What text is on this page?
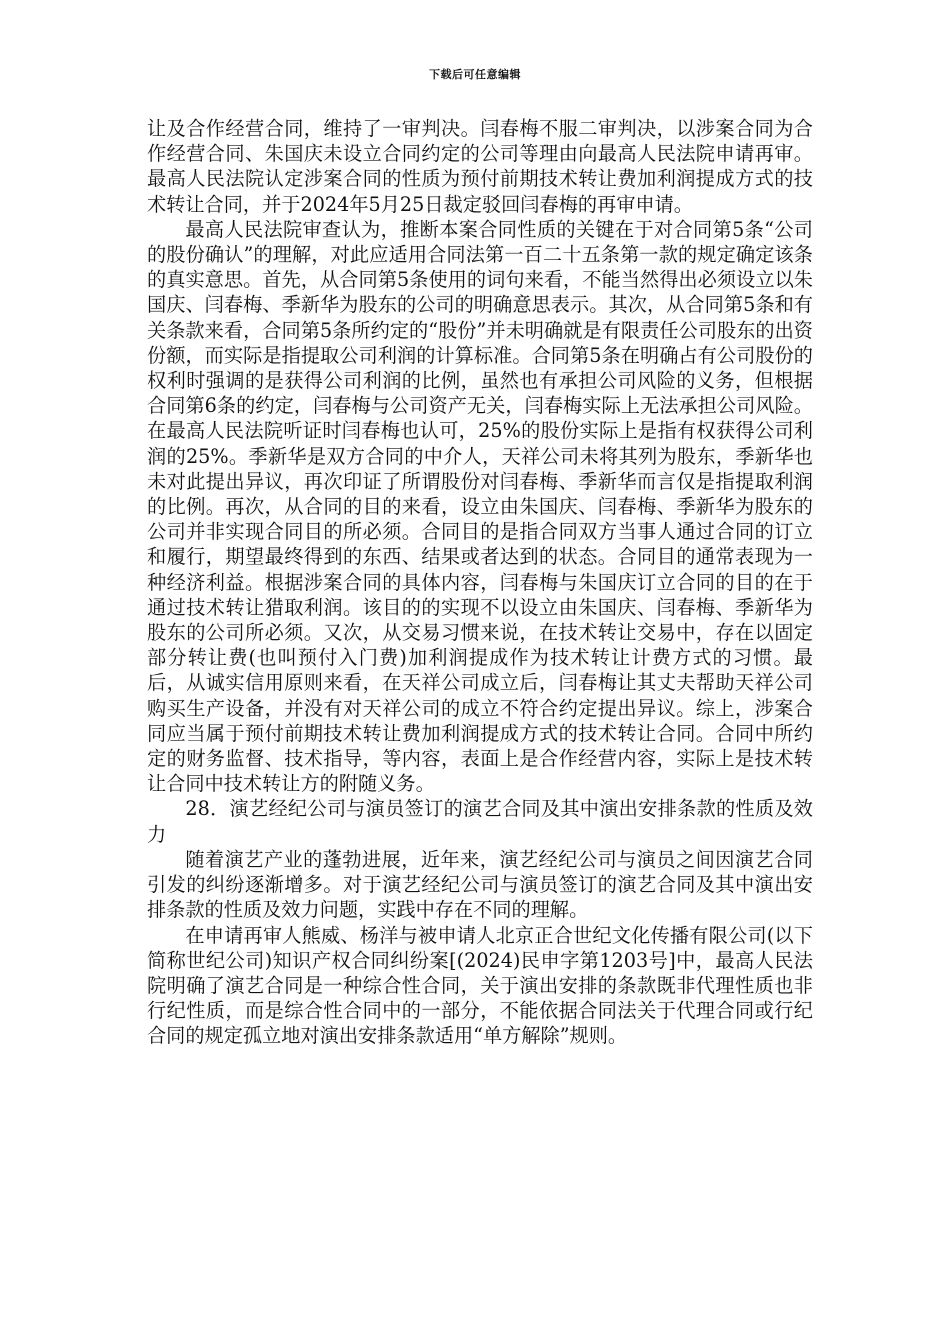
下载后可任意编辑

让及合作经营合同，维持了一审判决。闫春梅不服二审判决，以涉案合同为合作经营合同、朱国庆未设立合同约定的公司等理由向最高人民法院申请再审。最高人民法院认定涉案合同的性质为预付前期技术转让费加利润提成方式的技术转让合同，并于2024年5月25日裁定驳回闫春梅的再审申请。

最高人民法院审查认为，推断本案合同性质的关键在于对合同第5条“公司的股份确认”的理解，对此应适用合同法第一百二十五条第一款的规定确定该条的真实意思。首先，从合同第5条使用的词句来看，不能当然得出必须设立以朱国庆、闫春梅、季新华为股东的公司的明确意思表示。其次，从合同第5条和有关条款来看，合同第5条所约定的“股份”并未明确就是有限责任公司股东的出资份额，而实际是指提取公司利润的计算标准。合同第5条在明确占有公司股份的权利时强调的是获得公司利润的比例，虽然也有承担公司风险的义务，但根据合同第6条的约定，闫春梅与公司资产无关，闫春梅实际上无法承担公司风险。在最高人民法院听证时闫春梅也认可，25%的股份实际上是指有权获得公司利润的25%。季新华是双方合同的中介人，天祥公司未将其列为股东，季新华也未对此提出异议，再次印证了所谓股份对闫春梅、季新华而言仅是指提取利润的比例。再次，从合同的目的来看，设立由朱国庆、闫春梅、季新华为股东的公司并非实现合同目的所必须。合同目的是指合同双方当事人通过合同的订立和履行，期望最终得到的东西、结果或者达到的状态。合同目的通常表现为一种经济利益。根据涉案合同的具体内容，闫春梅与朱国庆订立合同的目的在于通过技术转让猎取利润。该目的的实现不以设立由朱国庆、闫春梅、季新华为股东的公司所必须。又次，从交易习惯来说，在技术转让交易中，存在以固定部分转让费(也叫预付入门费)加利润提成作为技术转让计费方式的习惯。最后，从诚实信用原则来看，在天祥公司成立后，闫春梅让其丈夫帮助天祥公司购买生产设备，并没有对天祥公司的成立不符合约定提出异议。综上，涉案合同应当属于预付前期技术转让费加利润提成方式的技术转让合同。合同中所约定的财务监督、技术指导，等内容，表面上是合作经营内容，实际上是技术转让合同中技术转让方的附随义务。

28．演艺经纪公司与演员签订的演艺合同及其中演出安排条款的性质及效力

随着演艺产业的蓬勃进展，近年来，演艺经纪公司与演员之间因演艺合同引发的纠纷逐渐增多。对于演艺经纪公司与演员签订的演艺合同及其中演出安排条款的性质及效力问题，实践中存在不同的理解。

在申请再审人熊威、杨洋与被申请人北京正合世纪文化传播有限公司(以下简称世纪公司)知识产权合同纠纷案[(2024)民申字第1203号]中，最高人民法院明确了演艺合同是一种综合性合同，关于演出安排的条款既非代理性质也非行纪性质，而是综合性合同中的一部分，不能依据合同法关于代理合同或行纪合同的规定孤立地对演出安排条款适用“单方解除”规则。
